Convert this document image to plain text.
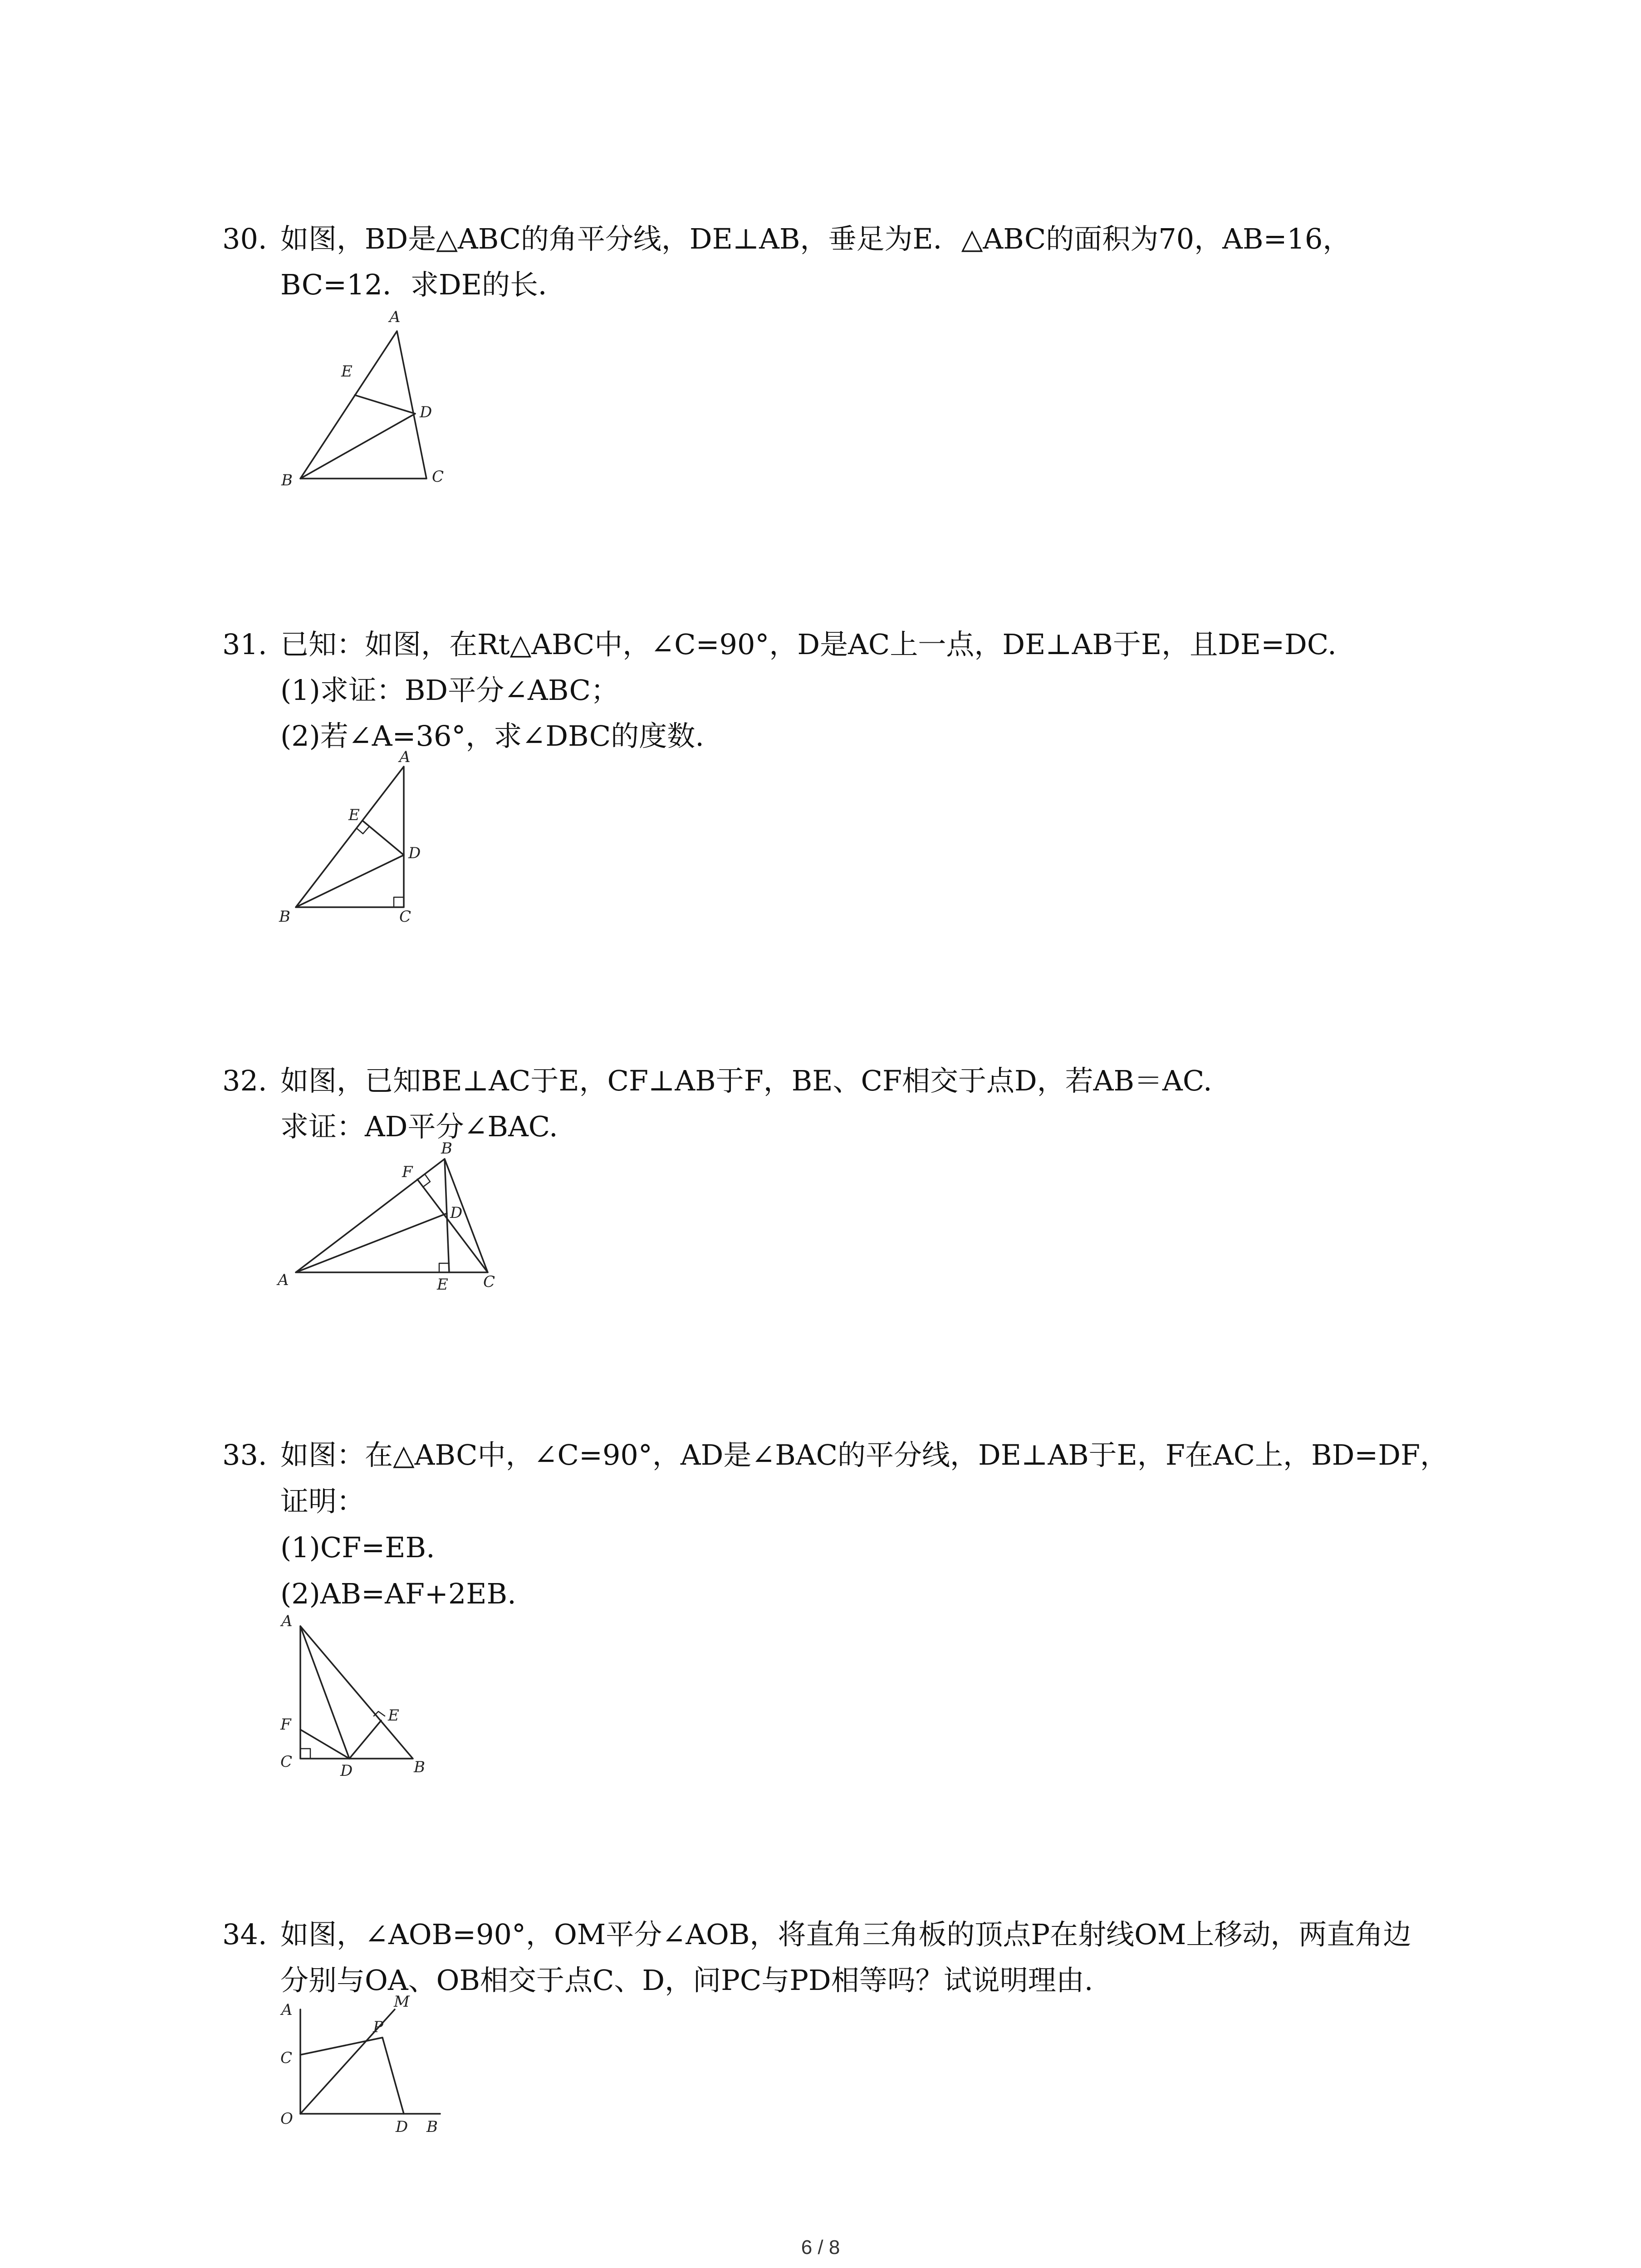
30. 如图，BD是△ABC的角平分线，DE⊥AB，垂足为E．△ABC的面积为70，AB=16，
BC=12．求DE的长．
A
B	C
D
E
31. 已知：如图，在Rt△ABC中，∠C=90°，D是AC上一点，DE⊥AB于E，且DE=DC.
(1)求证：BD平分∠ABC；
(2)若∠A=36°，求∠DBC的度数.
A
B	C
D
E
32. 如图，已知BE⊥AC于E，CF⊥AB于F，BE、CF相交于点D，若AB＝AC.
求证：AD平分∠BAC.
A
B
C
D
E
F
33. 如图：在△ABC中，∠C=90°，AD是∠BAC的平分线，DE⊥AB于E，F在AC上，BD=DF，
证明：
(1)CF=EB.
(2)AB=AF+2EB.
A
B
C	D
E
F
34. 如图，∠AOB=90°，OM平分∠AOB，将直角三角板的顶点P在射线OM上移动，两直角边
分别与OA、OB相交于点C、D，问PC与PD相等吗？试说明理由.
A
C
O	D B
P
M
6 / 8
